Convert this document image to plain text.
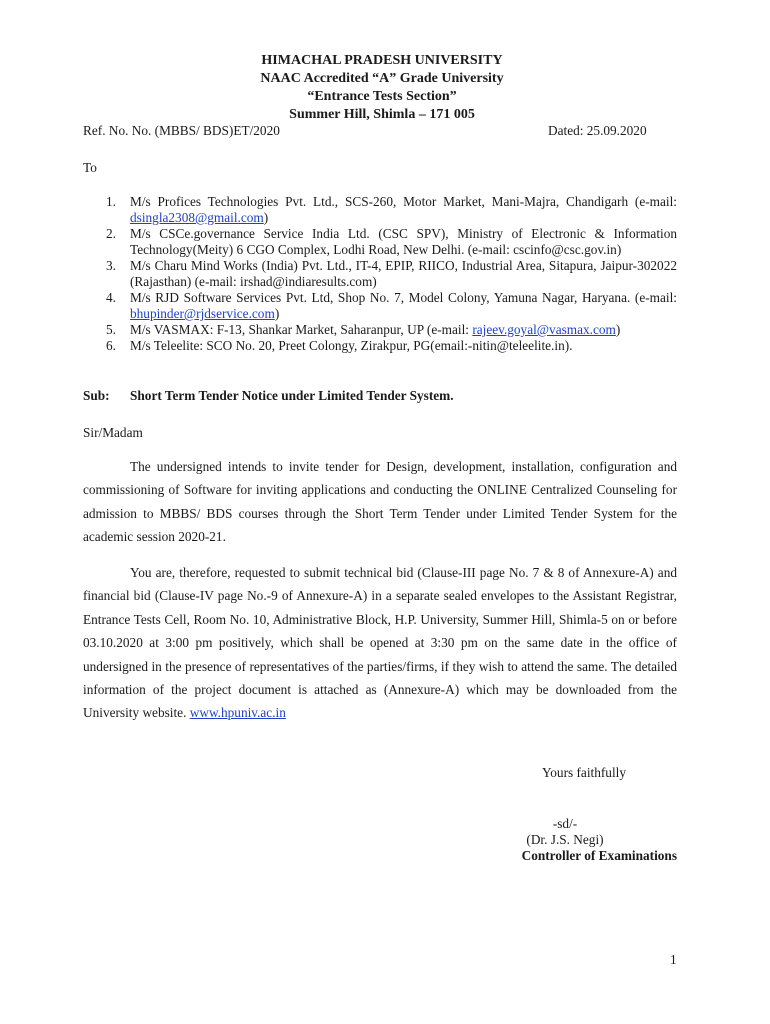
HIMACHAL PRADESH UNIVERSITY
NAAC Accredited “A” Grade University
“Entrance Tests Section”
Summer Hill, Shimla – 171 005
Ref. No. No. (MBBS/ BDS)ET/2020	Dated: 25.09.2020
To
1. M/s Profices Technologies Pvt. Ltd., SCS-260, Motor Market, Mani-Majra, Chandigarh (e-mail: dsingla2308@gmail.com)
2. M/s CSCe.governance Service India Ltd. (CSC SPV), Ministry of Electronic & Information Technology(Meity) 6 CGO Complex, Lodhi Road, New Delhi. (e-mail: cscinfo@csc.gov.in)
3. M/s Charu Mind Works (India) Pvt. Ltd., IT-4, EPIP, RIICO, Industrial Area, Sitapura, Jaipur-302022 (Rajasthan) (e-mail: irshad@indiaresults.com)
4. M/s RJD Software Services Pvt. Ltd, Shop No. 7, Model Colony, Yamuna Nagar, Haryana. (e-mail: bhupinder@rjdservice.com)
5. M/s VASMAX: F-13, Shankar Market, Saharanpur, UP (e-mail: rajeev.goyal@vasmax.com)
6. M/s Teleelite: SCO No. 20, Preet Colongy, Zirakpur, PG(email:-nitin@teleelite.in).
Sub: Short Term Tender Notice under Limited Tender System.
Sir/Madam
The undersigned intends to invite tender for Design, development, installation, configuration and commissioning of Software for inviting applications and conducting the ONLINE Centralized Counseling for admission to MBBS/ BDS courses through the Short Term Tender under Limited Tender System for the academic session 2020-21.
You are, therefore, requested to submit technical bid (Clause-III page No. 7 & 8 of Annexure-A) and financial bid (Clause-IV page No.-9 of Annexure-A) in a separate sealed envelopes to the Assistant Registrar, Entrance Tests Cell, Room No. 10, Administrative Block, H.P. University, Summer Hill, Shimla-5 on or before 03.10.2020 at 3:00 pm positively, which shall be opened at 3:30 pm on the same date in the office of undersigned in the presence of representatives of the parties/firms, if they wish to attend the same. The detailed information of the project document is attached as (Annexure-A) which may be downloaded from the University website. www.hpuniv.ac.in
Yours faithfully
-sd/-
(Dr. J.S. Negi)
Controller of Examinations
1
